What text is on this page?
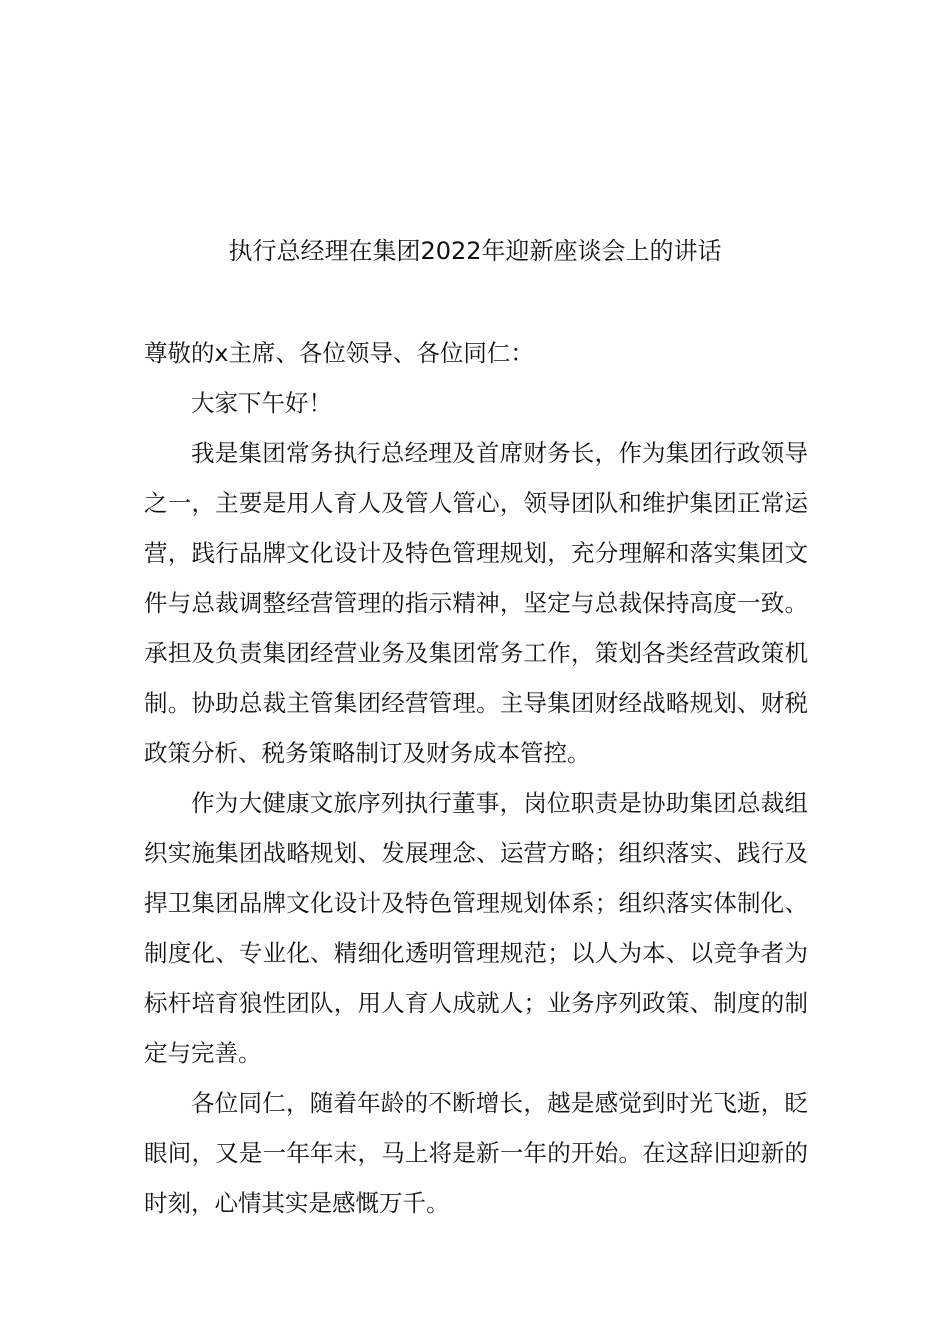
执行总经理在集团2022年迎新座谈会上的讲话

尊敬的x主席、各位领导、各位同仁：

大家下午好！

我是集团常务执行总经理及首席财务长，作为集团行政领导之一，主要是用人育人及管人管心，领导团队和维护集团正常运营，践行品牌文化设计及特色管理规划，充分理解和落实集团文件与总裁调整经营管理的指示精神，坚定与总裁保持高度一致。承担及负责集团经营业务及集团常务工作，策划各类经营政策机制。协助总裁主管集团经营管理。主导集团财经战略规划、财税政策分析、税务策略制订及财务成本管控。

作为大健康文旅序列执行董事，岗位职责是协助集团总裁组织实施集团战略规划、发展理念、运营方略；组织落实、践行及捍卫集团品牌文化设计及特色管理规划体系；组织落实体制化、制度化、专业化、精细化透明管理规范；以人为本、以竞争者为标杆培育狼性团队，用人育人成就人；业务序列政策、制度的制定与完善。

各位同仁，随着年龄的不断增长，越是感觉到时光飞逝，眨眼间，又是一年年末，马上将是新一年的开始。在这辞旧迎新的时刻，心情其实是感慨万千。
